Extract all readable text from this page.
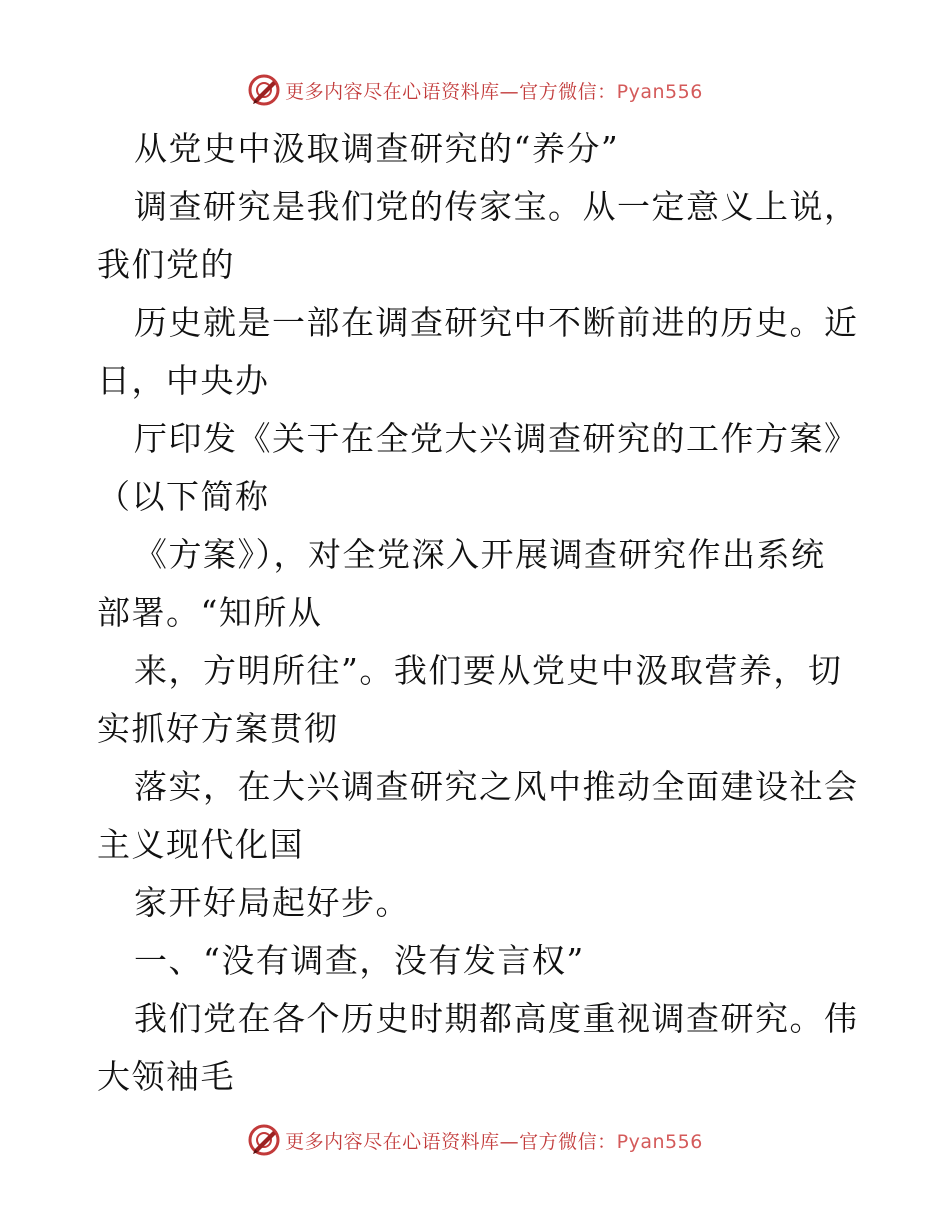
更多内容尽在心语资料库—官方微信：Pyan556

从党史中汲取调查研究的“养分”

调查研究是我们党的传家宝。从一定意义上说，

我们党的

历史就是一部在调查研究中不断前进的历史。近

日，中央办

厅印发《关于在全党大兴调查研究的工作方案》

（以下简称

《方案》），对全党深入开展调查研究作出系统

部署。“知所从

来，方明所往”。我们要从党史中汲取营养，切

实抓好方案贯彻

落实，在大兴调查研究之风中推动全面建设社会

主义现代化国

家开好局起好步。

一、“没有调查，没有发言权”

我们党在各个历史时期都高度重视调查研究。伟

大领袖毛

更多内容尽在心语资料库—官方微信：Pyan556
